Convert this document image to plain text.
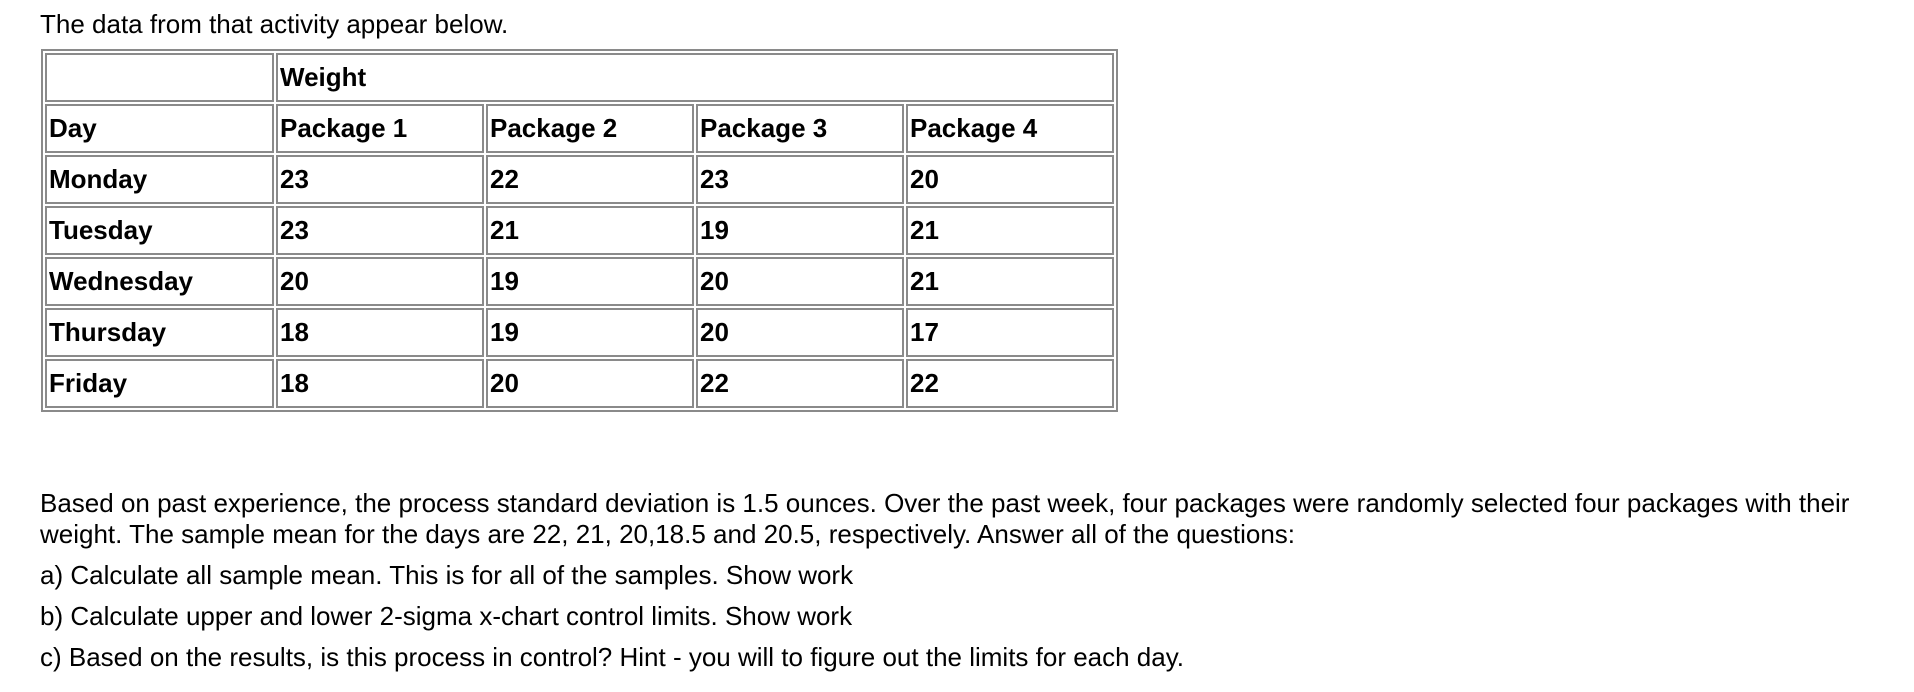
The data from that activity appear below.

	Weight			
Day	Package 1	Package 2	Package 3	Package 4
Monday	23	22	23	20
Tuesday	23	21	19	21
Wednesday	20	19	20	21
Thursday	18	19	20	17
Friday	18	20	22	22

Based on past experience, the process standard deviation is 1.5 ounces. Over the past week, four packages were randomly selected four packages with their weight. The sample mean for the days are 22, 21, 20,18.5 and 20.5, respectively. Answer all of the questions:

a) Calculate all sample mean. This is for all of the samples. Show work

b) Calculate upper and lower 2-sigma x-chart control limits. Show work

c) Based on the results, is this process in control? Hint - you will to figure out the limits for each day.
